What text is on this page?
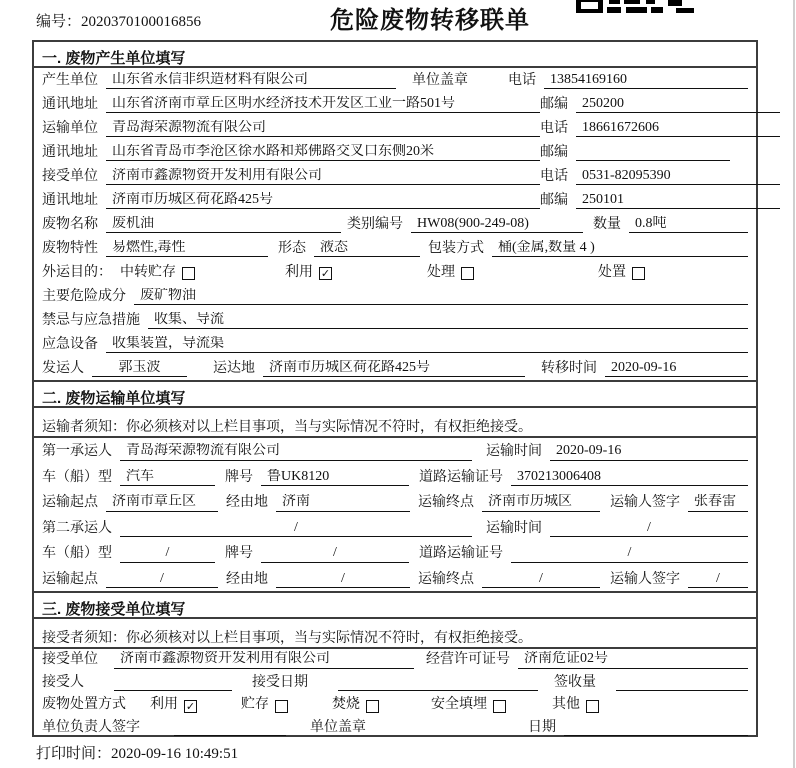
编号：2020370100016856	危险废物转移联单
一. 废物产生单位填写
产生单位	山东省永信非织造材料有限公司	单位盖章	电话	13854169160
通讯地址	山东省济南市章丘区明水经济技术开发区工业一路501号	邮编	250200
运输单位	青岛海荣源物流有限公司	电话	18661672606
通讯地址	山东省青岛市李沧区徐水路和郑佛路交叉口东侧20米	邮编
接受单位	济南市鑫源物资开发利用有限公司	电话	0531-82095390
通讯地址	济南市历城区荷花路425号	邮编	250101
废物名称	废机油	类别编号	HW08(900-249-08)	数量	0.8吨
废物特性	易燃性,毒性	形态	液态	包装方式	桶(金属,数量 4 )
外运目的： 中转贮存	利用 ✓	处理	处置
主要危险成分	废矿物油
禁忌与应急措施	收集、导流
应急设备	收集装置，导流渠
发运人	郭玉波	运达地	济南市历城区荷花路425号	转移时间	2020-09-16
二. 废物运输单位填写
运输者须知：你必须核对以上栏目事项，当与实际情况不符时，有权拒绝接受。
第一承运人	青岛海荣源物流有限公司	运输时间	2020-09-16
车（船）型	汽车	牌号	鲁UK8120	道路运输证号	370213006408
运输起点	济南市章丘区	经由地	济南	运输终点	济南市历城区	运输人签字	张春雷
第二承运人	/	运输时间	/
车（船）型	/	牌号	/	道路运输证号	/
运输起点	/	经由地	/	运输终点	/	运输人签字	/
三. 废物接受单位填写
接受者须知：你必须核对以上栏目事项，当与实际情况不符时，有权拒绝接受。
接受单位	济南市鑫源物资开发利用有限公司	经营许可证号	济南危证02号
接受人	接受日期	签收量
废物处置方式 利用 ✓	贮存	焚烧	安全填埋	其他
单位负责人签字	单位盖章	日期
打印时间：2020-09-16 10:49:51
